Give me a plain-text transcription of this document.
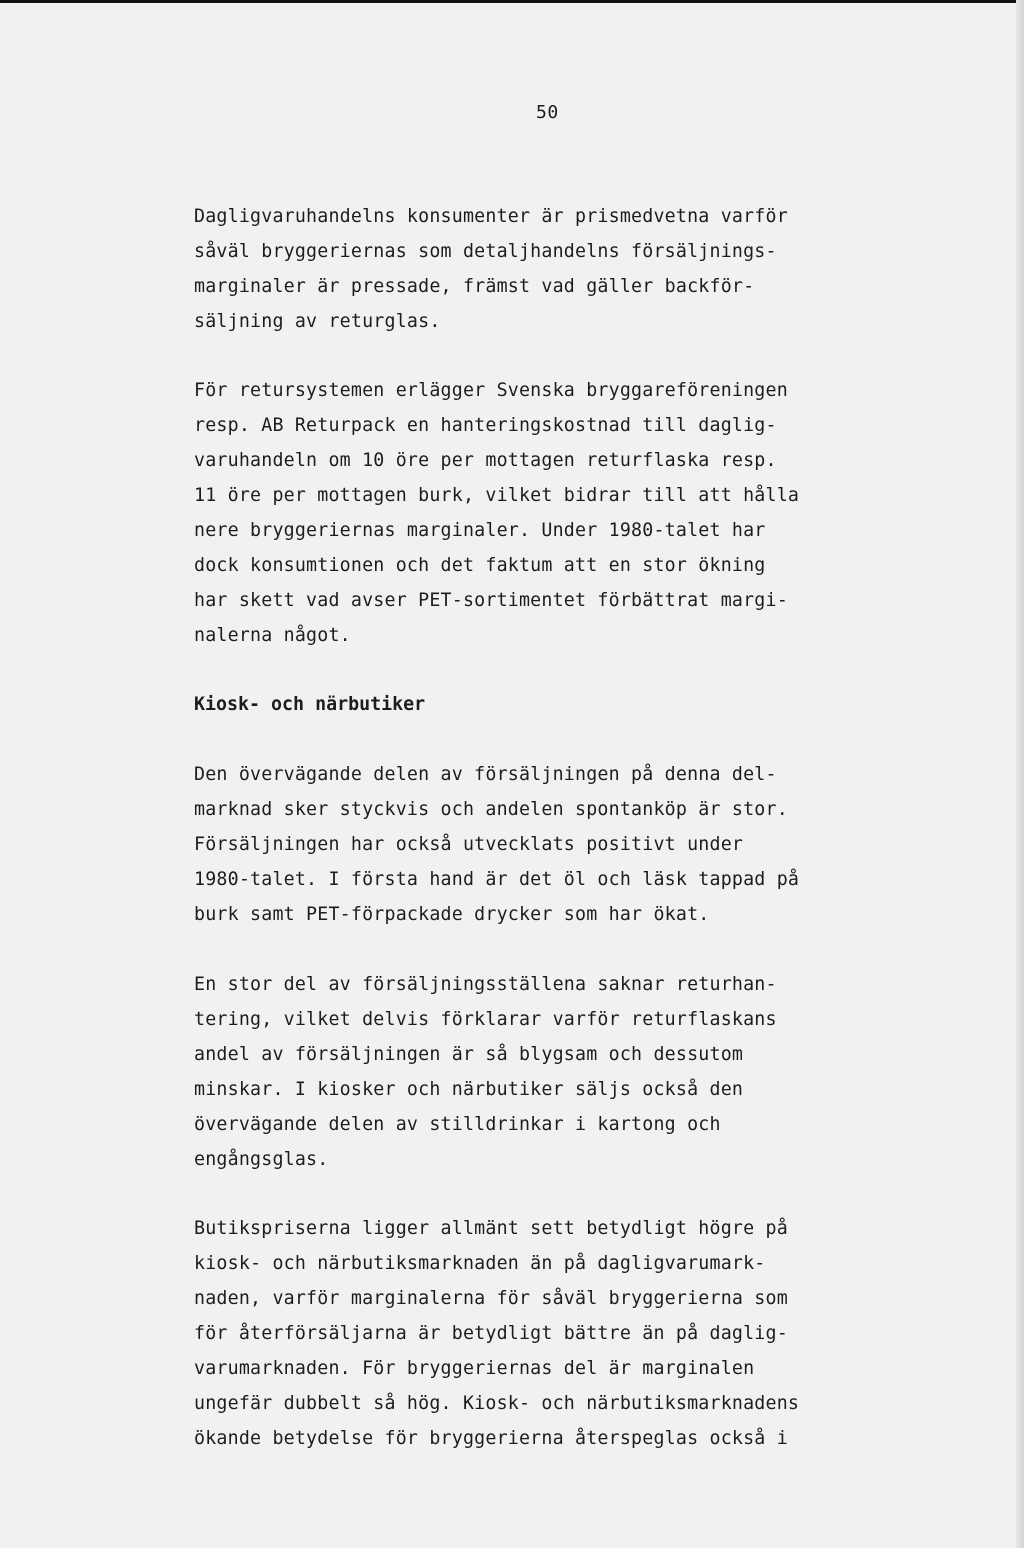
50

Dagligvaruhandelns konsumenter är prismedvetna varför
såväl bryggeriernas som detaljhandelns försäljnings-
marginaler är pressade, främst vad gäller backför-
säljning av returglas.

För retursystemen erlägger Svenska bryggareföreningen
resp. AB Returpack en hanteringskostnad till daglig-
varuhandeln om 10 öre per mottagen returflaska resp.
11 öre per mottagen burk, vilket bidrar till att hålla
nere bryggeriernas marginaler. Under 1980-talet har
dock konsumtionen och det faktum att en stor ökning
har skett vad avser PET-sortimentet förbättrat margi-
nalerna något.

Kiosk- och närbutiker

Den övervägande delen av försäljningen på denna del-
marknad sker styckvis och andelen spontanköp är stor.
Försäljningen har också utvecklats positivt under
1980-talet. I första hand är det öl och läsk tappad på
burk samt PET-förpackade drycker som har ökat.

En stor del av försäljningsställena saknar returhan-
tering, vilket delvis förklarar varför returflaskans
andel av försäljningen är så blygsam och dessutom
minskar. I kiosker och närbutiker säljs också den
övervägande delen av stilldrinkar i kartong och
engångsglas.

Butikspriserna ligger allmänt sett betydligt högre på
kiosk- och närbutiksmarknaden än på dagligvarumark-
naden, varför marginalerna för såväl bryggerierna som
för återförsäljarna är betydligt bättre än på daglig-
varumarknaden. För bryggeriernas del är marginalen
ungefär dubbelt så hög. Kiosk- och närbutiksmarknadens
ökande betydelse för bryggerierna återspeglas också i
